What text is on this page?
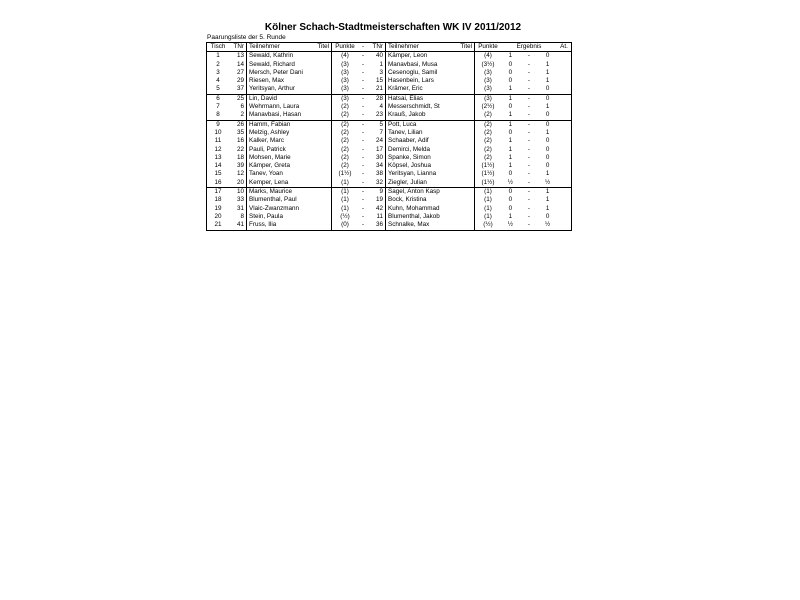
Kölner Schach-Stadtmeisterschaften WK IV 2011/2012
Paarungsliste der 5. Runde
Tisch	TNr	Teilnehmer	Titel	Punkte	-	TNr	Teilnehmer	Titel	Punkte	Ergebnis			At.
1	13	Sewald, Kathrin		(4)	-	40	Kämper, Leon		(4)	1	-	0	
2	14	Sewald, Richard		(3)	-	1	Manavbasi, Musa		(3½)	0	-	1	
3	27	Mersch, Peter Dani		(3)	-	3	Cesenoglu, Samil		(3)	0	-	1	
4	29	Riesen, Max		(3)	-	15	Hasenbein, Lars		(3)	0	-	1	
5	37	Yeritsyan, Arthur		(3)	-	21	Krämer, Eric		(3)	1	-	0	
6	25	Lin, David		(3)	-	28	Hatsai, Elias		(3)	1	-	0	
7	6	Wehrmann, Laura		(2)	-	4	Messerschmidt, St		(2½)	0	-	1	
8	2	Manavbasi, Hasan		(2)	-	23	Krauß, Jakob		(2)	1	-	0	
9	26	Hamm, Fabian		(2)	-	5	Pott, Luca		(2)	1	-	0	
10	35	Melzig, Ashley		(2)	-	7	Tanev, Lilian		(2)	0	-	1	
11	16	Kalker, Marc		(2)	-	24	Schaaber, Adif		(2)	1	-	0	
12	22	Pauli, Patrick		(2)	-	17	Demirci, Melda		(2)	1	-	0	
13	18	Mohsen, Marie		(2)	-	30	Spanke, Simon		(2)	1	-	0	
14	39	Kämper, Greta		(2)	-	34	Köpsel, Joshua		(1½)	1	-	0	
15	12	Tanev, Yoan		(1½)	-	38	Yeritsyan, Lianna		(1½)	0	-	1	
16	20	Kemper, Lena		(1)	-	32	Ziegler, Julian		(1½)	½	-	½	
17	10	Marks, Maurice		(1)	-	9	Sagel, Anton Kasp		(1)	0	-	1	
18	33	Blumenthal, Paul		(1)	-	19	Bock, Kristina		(1)	0	-	1	
19	31	Vlaic-Zwanzmann		(1)	-	42	Kuhn, Mohammad		(1)	0	-	1	
20	8	Stein, Paula		(½)	-	11	Blumenthal, Jakob		(1)	1	-	0	
21	41	Fruss, Ilia		(0)	-	36	Schnalke, Max		(½)	½	-	½	
